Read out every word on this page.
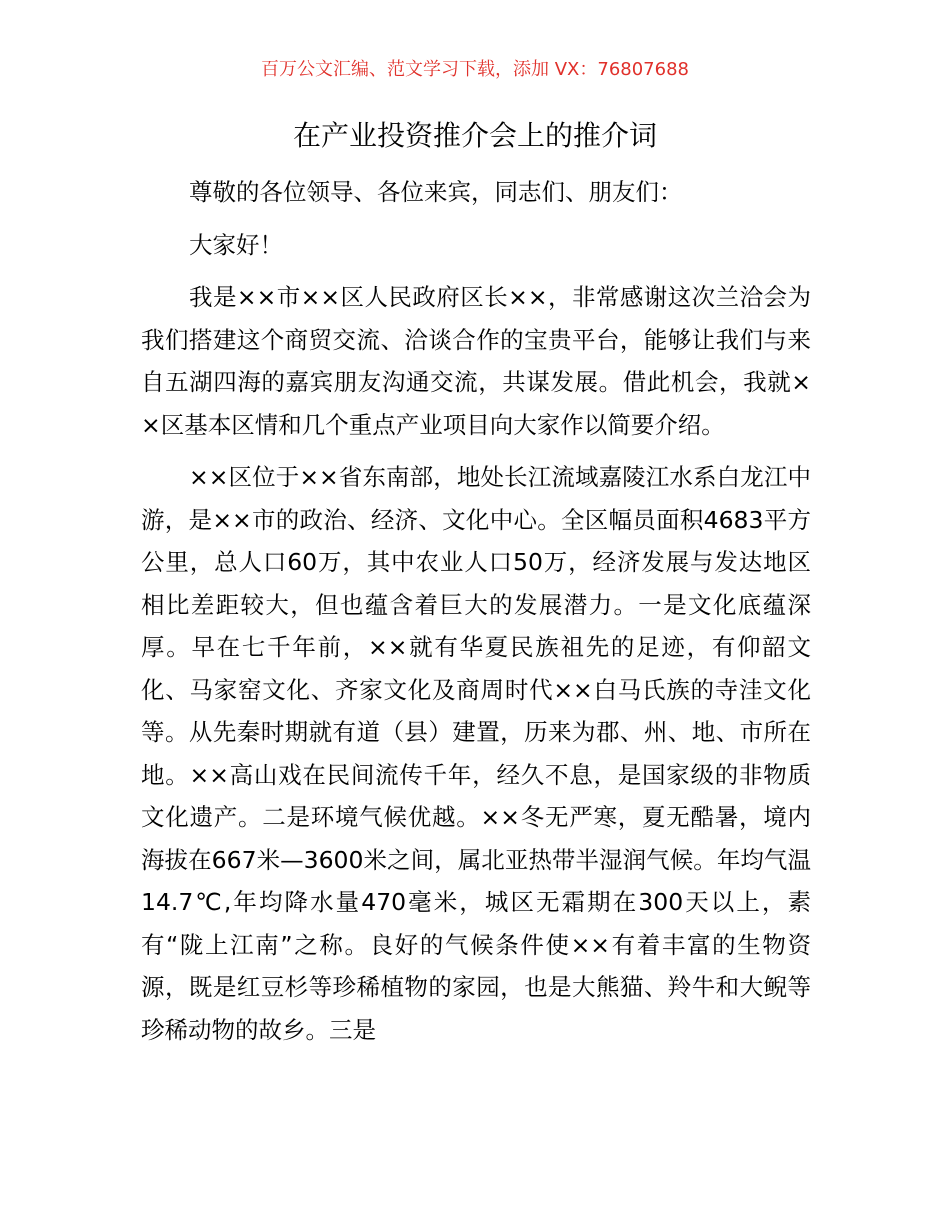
百万公文汇编、范文学习下载，添加 VX：76807688
在产业投资推介会上的推介词

尊敬的各位领导、各位来宾，同志们、朋友们：

大家好！

我是××市××区人民政府区长××，非常感谢这次兰洽会为我们搭建这个商贸交流、洽谈合作的宝贵平台，能够让我们与来自五湖四海的嘉宾朋友沟通交流，共谋发展。借此机会，我就××区基本区情和几个重点产业项目向大家作以简要介绍。

××区位于××省东南部，地处长江流域嘉陵江水系白龙江中游，是××市的政治、经济、文化中心。全区幅员面积4683平方公里，总人口60万，其中农业人口50万，经济发展与发达地区相比差距较大，但也蕴含着巨大的发展潜力。一是文化底蕴深厚。早在七千年前，××就有华夏民族祖先的足迹，有仰韶文化、马家窑文化、齐家文化及商周时代××白马氏族的寺洼文化等。从先秦时期就有道（县）建置，历来为郡、州、地、市所在地。××高山戏在民间流传千年，经久不息，是国家级的非物质文化遗产。二是环境气候优越。××冬无严寒，夏无酷暑，境内海拔在667米—3600米之间，属北亚热带半湿润气候。年均气温14.7℃,年均降水量470毫米，城区无霜期在300天以上，素有“陇上江南”之称。良好的气候条件使××有着丰富的生物资源，既是红豆杉等珍稀植物的家园，也是大熊猫、羚牛和大鲵等珍稀动物的故乡。三是
